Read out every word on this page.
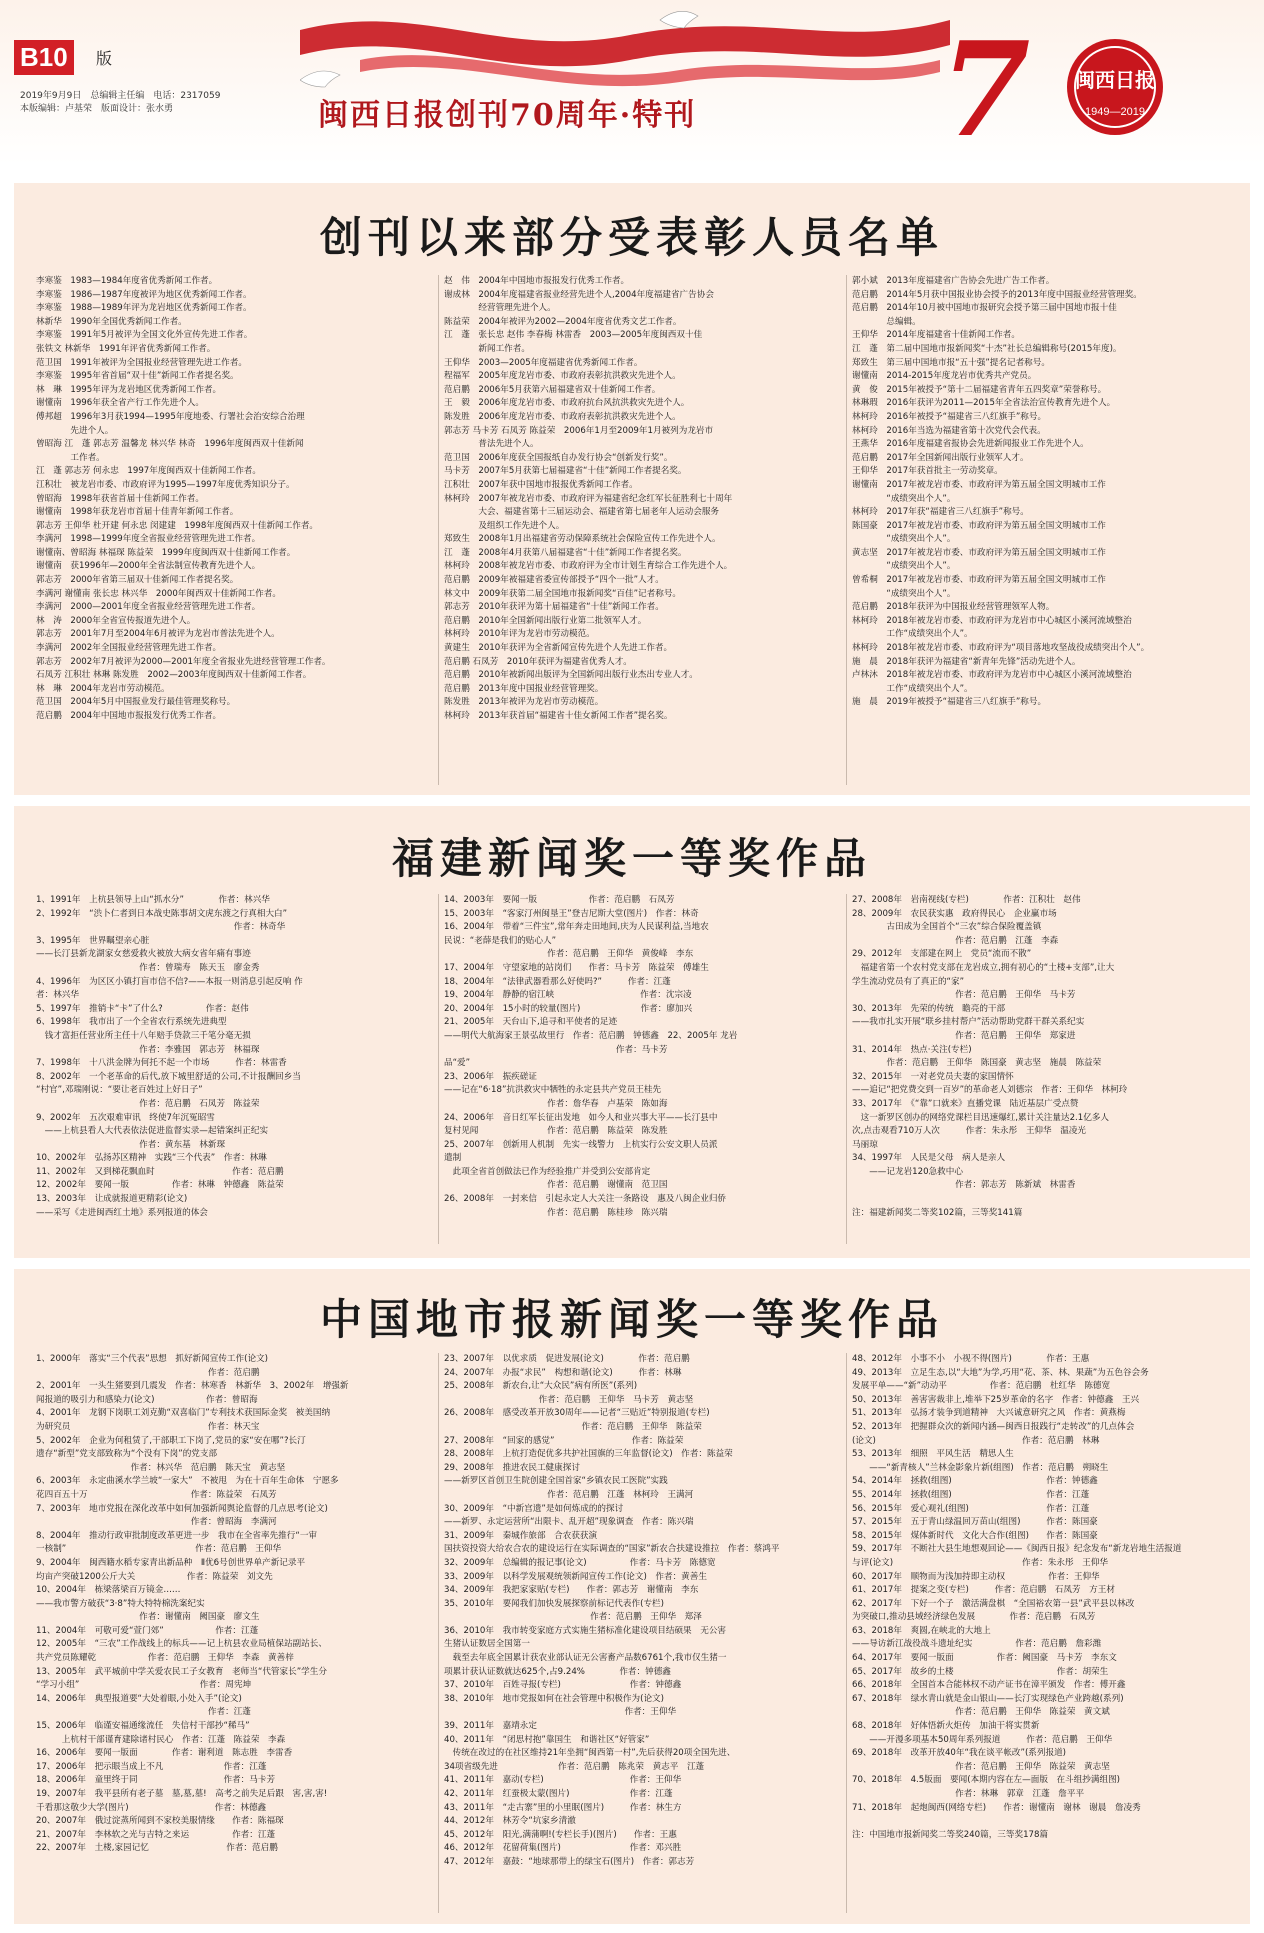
B10	版
2019年9月9日　总编辑主任编　电话：2317059
本版编辑：卢基荣　版面设计：张水勇	闽西日报创刊70周年·特刊 7 闽西日报
1949—2019
创刊以来部分受表彰人员名单
李寒鉴　1983—1984年度省优秀新闻工作者。
李寒鉴　1986—1987年度被评为地区优秀新闻工作者。
李寒鉴　1988—1989年评为龙岩地区优秀新闻工作者。
林新华　1990年全国优秀新闻工作者。
李寒鉴　1991年5月被评为全国文化外宣传先进工作者。
张铁文 林新华　1991年评省优秀新闻工作者。
范卫国　1991年被评为全国报业经营管理先进工作者。
李寒鉴　1995年省首届“双十佳”新闻工作者提名奖。
林　琳　1995年评为龙岩地区优秀新闻工作者。
谢懂南　1996年获全省产行工作先进个人。
傅邦超　1996年3月获1994—1995年度地委、行署社会治安综合治理
　　　　先进个人。
曾昭海 江　蓬 郭志芳 温馨龙 林兴华 林奇　1996年度闽西双十佳新闻
　　　　工作者。
江　蓬 郭志芳 何永忠　1997年度闽西双十佳新闻工作者。
江积壮　被龙岩市委、市政府评为1995—1997年度优秀知识分子。
曾昭海　1998年获省首届十佳新闻工作者。
谢懂南　1998年获龙岩市首届十佳青年新闻工作者。
郭志芳 王仰华 杜开建 何永忠 闵建建　1998年度闽西双十佳新闻工作者。
李满河　1998—1999年度全省报业经营管理先进工作者。
谢懂南、曾昭海 林福琛 陈益荣　1999年度闽西双十佳新闻工作者。
谢懂南　获1996年—2000年全省法制宣传教育先进个人。
郭志芳　2000年省第三届双十佳新闻工作者提名奖。
李满河 谢懂南 张长忠 林兴华　2000年闽西双十佳新闻工作者。
李满河　2000—2001年度全省报业经营管理先进工作者。
林　涛　2000年全省宣传报道先进个人。
郭志芳　2001年7月至2004年6月被评为龙岩市普法先进个人。
李满河　2002年全国报业经营管理先进工作者。
郭志芳　2002年7月被评为2000—2001年度全省报业先进经营管理工作者。
石凤芳 江积壮 林琳 陈发胜　2002—2003年度闽西双十佳新闻工作者。
林　琳　2004年龙岩市劳动模范。
范卫国　2004年5月中国报业发行最佳管理奖称号。
范启鹏　2004年中国地市报报发行优秀工作者。
赵　伟　2004年中国地市报报发行优秀工作者。
谢成林　2004年度福建省报业经营先进个人,2004年度福建省广告协会
　　　　经营管理先进个人。
陈益荣　2004年被评为2002—2004年度省优秀文艺工作者。
江　蓬　张长忠 赵伟 李春梅 林雷香　2003—2005年度闽西双十佳
　　　　新闻工作者。
王仰华　2003—2005年度福建省优秀新闻工作者。
程福军　2005年度龙岩市委、市政府表彰抗洪救灾先进个人。
范启鹏　2006年5月获第六届福建省双十佳新闻工作者。
王　毅　2006年度龙岩市委、市政府抗台风抗洪救灾先进个人。
陈发胜　2006年度龙岩市委、市政府表彰抗洪救灾先进个人。
郭志芳 马卡芳 石凤芳 陈益荣　2006年1月至2009年1月被列为龙岩市
　　　　普法先进个人。
范卫国　2006年度获全国报纸自办发行协会“创新发行奖”。
马卡芳　2007年5月获第七届福建省“十佳”新闻工作者提名奖。
江积壮　2007年获中国地市报报优秀新闻工作者。
林柯玲　2007年被龙岩市委、市政府评为福建省纪念红军长征胜利七十周年
　　　　大会、福建省第十三届运动会、福建省第七届老年人运动会服务
　　　　及组织工作先进个人。
郑致生　2008年1月出福建省劳动保障系统社会保险宣传工作先进个人。
江　蓬　2008年4月获第八届福建省“十佳”新闻工作者提名奖。
林柯玲　2008年被龙岩市委、市政府评为全市计划生育综合工作先进个人。
范启鹏　2009年被福建省委宣传部授予“四个一批”人才。
林文中　2009年获第二届全国地市报新闻奖“百佳”记者称号。
郭志芳　2010年获评为第十届福建省“十佳”新闻工作者。
范启鹏　2010年全国新闻出版行业第二批领军人才。
林柯玲　2010年评为龙岩市劳动模范。
黄建生　2010年获评为全省新闻宣传先进个人先进工作者。
范启鹏 石凤芳　2010年获评为福建省优秀人才。
范启鹏　2010年被新闻出版评为全国新闻出版行业杰出专业人才。
范启鹏　2013年度中国报业经营管理奖。
陈发胜　2013年被评为龙岩市劳动模范。
林柯玲　2013年获首届“福建省十佳女新闻工作者”提名奖。
郭小斌　2013年度福建省广告协会先进广告工作者。
范启鹏　2014年5月获中国报业协会授予的2013年度中国报业经营管理奖。
范启鹏　2014年10月被中国地市报研究会授予第三届中国地市报十佳
　　　　总编辑。
王仰华　2014年度福建省十佳新闻工作者。
江　蓬　第二届中国地市报新闻奖“十杰”社长总编辑称号(2015年度)。
郑致生　第三届中国地市报“五十强”提名记者称号。
谢懂南　2014-2015年度龙岩市优秀共产党员。
黄　俊　2015年被授予“第十二届福建省青年五四奖章”荣誉称号。
林琳瑕　2016年获评为2011—2015年全省法治宣传教育先进个人。
林柯玲　2016年被授予“福建省三八红旗手”称号。
林柯玲　2016年当选为福建省第十次党代会代表。
王燕华　2016年度福建省报协会先进新闻报业工作先进个人。
范启鹏　2017年全国新闻出版行业领军人才。
王仰华　2017年获首批主一劳动奖章。
谢懂南　2017年被龙岩市委、市政府评为第五届全国文明城市工作
　　　　“成绩突出个人”。
林柯玲　2017年获“福建省三八红旗手”称号。
陈国豪　2017年被龙岩市委、市政府评为第五届全国文明城市工作
　　　　“成绩突出个人”。
黄志坚　2017年被龙岩市委、市政府评为第五届全国文明城市工作
　　　　“成绩突出个人”。
曾希桐　2017年被龙岩市委、市政府评为第五届全国文明城市工作
　　　　“成绩突出个人”。
范启鹏　2018年获评为中国报业经营管理领军人物。
林柯玲　2018年被龙岩市委、市政府评为龙岩市中心城区小溪河流域整治
　　　　工作“成绩突出个人”。
林柯玲　2018年被龙岩市委、市政府评为“项目落地攻坚战役成绩突出个人”。
施　晨　2018年获评为福建省“新青年先锋”活动先进个人。
卢林沐　2018年被龙岩市委、市政府评为龙岩市中心城区小溪河流域整治
　　　　工作“成绩突出个人”。
施　晨　2019年被授予“福建省三八红旗手”称号。
福建新闻奖一等奖作品
1、1991年　上杭县领导上山“抓水分”　　　　作者：林兴华
2、1992年　“渋卜仁者到日本战史陈事胡文虎东渡之行真相大白”
　　　　　　　　　　　　　　　　　　　　　　　作者：林奇华
3、1995年　世界瞩望亲心脏
——长汀县新龙湖家女慈爱救火被放大病女省年痛有事迹
　　　　　　　　　　　　作者：曾瑞寿　陈天玉　廖金秀
4、1996年　为区区小镇打盲市信不信?——本报一则消息引起反响 作
者：林兴华
5、1997年　推销卡“卡”了什么?　　　　　作者：赵伟
6、1998年　我市出了一个全省农行系统先进典型
　钱才富拒任营业所主任十八年赔手贷款三千笔分毫无损
　　　　　　　　　　　　作者：李雅国　郭志芳　林福琛
7、1998年　十八洪金牌为何托不起一个市场　　　作者：林雷香
8、2002年　一个老革命的后代,放下城里舒适的公司,不计报酬回乡当
“村官”,邓瑞刚说：“要让老百姓过上好日子”
　　　　　　　　　　　　作者：范启鹏　石凤芳　陈益荣
9、2002年　五次艰难审讯　终使7年沉冤昭雪
　——上杭县看人大代表依法促进监督实录—起错案纠正纪实
　　　　　　　　　　　　作者：黄东基　林新琛
10、2002年　弘扬苏区精神　实践“三个代表”　作者：林琳
11、2002年　又到梯花飘血时　　　　　　　　　作者：范启鹏
12、2002年　要闻一版　　　　　作者：林琳　钟德鑫　陈益荣
13、2003年　让成就报道更精彩(论文)
——采写《走进闽西红土地》系列报道的体会
14、2003年　要闻一版　　　　　　作者：范启鹏　石凤芳
15、2003年　“客家汀州闽垦王”登吉尼斯大堂(图片)　作者：林奇
16、2004年　带着“三件宝”,常年奔走田地间,庆为人民谋利益,当地农
民说：“老薛是我们的贴心人”
　　　　　　　　　　　　作者：范启鹏　王仰华　黄俊峰　李东
17、2004年　守望家地的站岗们　　作者：马卡芳　陈益荣　傅雄生
18、2004年　“法律武器看那么好使吗?”　　　作者：江蓬
19、2004年　静静的宿江峡　　　　　　　　　　作者：沈宗凌
20、2004年　15小时的较量(图片)　　　　　　　作者：廖加兴
21、2005年　天台山下,追寻和平使者的足迹
——明代大航海家王景弘故里行　作者：范启鹏　钟德鑫　22、2005年 龙岩
　　　　　　　　　　　　　　　　　　　　作者：马卡芳
品“爱”
23、2006年　振疾磋证
——记在“6·18”抗洪救灾中牺牲的永定县共产党员王桂先
　　　　　　　　　　　　作者：詹华春　卢基荣　陈如海
24、2006年　音日红军长征出发地　如今人和业兴事大平——长汀县中
复村见闻　　　　　　　　作者：范启鹏　陈益荣　陈发胜
25、2007年　创新用人机制　先实一线警力　上杭实行公安文职人员派
遣制
　此项全省首创做法已作为经验推广并受到公安部肯定
　　　　　　　　　　　　作者：范启鹏　谢懂南　范卫国
26、2008年　一封来信　引起永定人大关注一条路设　惠及八闽企业归侨
　　　　　　　　　　　　作者：范启鹏　陈桂珍　陈兴瑞
27、2008年　岩南视线(专栏)　　　　作者：江积壮　赵伟
28、2009年　农民获实惠　政府得民心　企业赢市场
　　　　古田成为全国首个“三农”综合保险覆盖镇
　　　　　　　　　　　　作者：范启鹏　江蓬　李森
29、2012年　支部建在网上　党员“流而不散”
　福建省第一个农村党支部在龙岩成立,拥有初心的“土楼+支部”,让大
学生流动党员有了真正的“家”
　　　　　　　　　　　　作者：范启鹏　王仰华　马卡芳
30、2013年　先荣的传统　瞻亮的干部
——我市扎实开展“联乡挂村帮户”活动帮助党群干群关系纪实
　　　　　　　　　　　　作者：范启鹏　王仰华　郑家进
31、2014年　热点·关注(专栏)
　　　　作者：范启鹏　王仰华　陈国豪　黄志坚　施晨　陈益荣
32、2015年　一对老党员夫妻的家国情怀
——追记“把党费交到一百岁”的革命老人刘德宗　作者：王仰华　林柯玲
33、2017年　《“靠”口就来》直播党课　陆近基层广受点赞
　这一新罗区创办的网络党课栏目迅速爆红,累计关注量达2.1亿多人
次,点击观看710万人次　　　作者：朱永彤　王仰华　温凌光
马丽琼
34、1997年　人民是父母　病人是亲人
　　——记龙岩120急救中心
　　　　　　　　　　　　作者：郭志芳　陈新斌　林雷香

注：福建新闻奖二等奖102篇，三等奖141篇
中国地市报新闻奖一等奖作品
1、2000年　落实“三个代表”思想　抓好新闻宣传工作(论文)
　　　　　　　　　　　　　　　　　　　　作者：范启鹏
2、2001年　一头生猪要到几震发　作者：林寒香　林新华　3、2002年　增强新
闻报道的吸引力和感染力(论文)　　　　　　作者：曾昭海
4、2001年　龙钢下岗职工刘克勤“双喜临门”专利技术获国际金奖　被美国纳
为研究员　　　　　　　　　　　　　　　　作者：林天宝
5、2002年　企业为何租赁了,干部职工下岗了,党员的家“安在哪”?长汀
遗存“新型”党支部致称为“个没有下岗”的党支部
　　　　　　　　　　　作者：林兴华　范启鹏　陈天宝　黄志坚
6、2003年　永定曲溪水学兰坡“一家大”　不被甩　为在十百年生命体　宁愿多
花四百五十万　　　　　　　　　　　　作者：陈益荣　石凤芳
7、2003年　地市党报在深化改革中如何加强新闻舆论监督的几点思考(论文)
　　　　　　　　　　　　　　　　　　作者：曾昭海　李满河
8、2004年　推动行政审批制度改革更进一步　我市在全省率先推行“一审
一核制”　　　　　　　　　　　　　　　作者：范启鹏　王仰华
9、2004年　闽西籍水稻专家青出新品种　Ⅱ优6号创世界单产新记录平
均亩产突破1200公斤大关　　　　　　作者：陈益荣　刘文先
10、2004年　栋梁落梁百万镜金……
——我市警方破获“3·8”特大特特棉洗案纪实
　　　　　　　　　　　　作者：谢懂南　阙国豪　廖文生
11、2004年　可敬可爱“萱门郊”　　　　　　作者：江蓬
12、2005年　“三农”工作战线上的标兵——记上杭县农业局植保站副站长、
共产党员陈耀乾　　　　　　作者：范启鹏　王仰华　李森　黄善梓
13、2005年　武平城前中学关爱农民工子女教育　老师当“代管家长”学生分
“学习小组”　　　　　　　　　　　　　　作者：周宪坤
14、2006年　典型报道要“大处着眼,小处入手”(论文)
　　　　　　　　　　　　　　　　　　　　作者：江蓬
15、2006年　临谨安福通缘流任　失信村干部抄“稀马”
　　　上杭村干部谨育建除诸村民心　作者：江蓬　陈益荣　李森
16、2006年　要闻一版面　　　　作者：谢利道　陈志胜　李雷香
17、2006年　把示眼当成上不凡　　　　　　　作者：江蓬
18、2006年　童里终于同　　　　　　　　　　作者：马卡芳
19、2007年　我平县所有老子墓　墓,墓,墓!　高考之前失足后跟　害,害,害!
千看那这敬少大学(图片)　　　　　　　　　　作者：林德鑫
20、2007年　俄过淀蒸所闻到不家校美服情缘　　作者：陈福琛
21、2007年　李林软之光与吉特之来运　　　　　作者：江蓬
22、2007年　土楼,家园记忆　　　　　　　　　作者：范启鹏
23、2007年　以优求质　促进发展(论文)　　　　作者：范启鹏
24、2007年　办报“求民”　构想和谐(论文)　　　作者：林琳
25、2008年　新农台,让“大众民”病有所医”(系列)
　　　　　　　　　　　作者：范启鹏　王仰华　马卡芳　黄志坚
26、2008年　感受改革开放30周年——记者“三贴近”特别报道(专栏)
　　　　　　　　　　　　　　　　作者：范启鹏　王仰华　陈益荣
27、2008年　“回家的感觉”　　　　　　　　　作者：陈益荣
28、2008年　上杭打造促优多共护社国旗的三年监督(论文)　作者：陈益荣
29、2008年　推进农民工健康探讨
——新罗区首创卫生院创建全国首家“乡镇农民工医院”实践
　　　　　　　　　　　　作者：范启鹏　江蓬　林柯玲　王满河
30、2009年　“中新宫遗”是如何炼成的的探讨
——新罗、永定运营所“出限卡、乱开超”现象调查　作者：陈兴瑞
31、2009年　秦城作旅部　合农获获演
国扶资投资大给农合农的建设运行在实际调查的“国家”新农合扶建设推拉　作者：蔡鸿平
32、2009年　总编辑的报记事(论文)　　　　　作者：马卡芳　陈德宽
33、2009年　以科学发展观统领新闻宣传工作(论文)　作者：黄善生
34、2009年　我把家家贴(专栏)　　作者：郭志芳　谢懂南　李东
35、2010年　要闻我们加快发展探察前标记代表作(专栏)
　　　　　　　　　　　　　　　　　作者：范启鹏　王仰华　郑泽
36、2010年　我市转变家庭方式实施生猪标准化建设项目结硕果　无公害
生猪认证数居全国第一
　载至去年底全国累计获农业部认证无公害畜产品数6761个,我市仅生猪一
项累计获认证数就达625个,占9.24%　　　　作者：钟德鑫
37、2010年　百姓寻报(专栏)　　　　　　　　作者：钟德鑫
38、2010年　地市党报如何在社会管理中积极作为(论文)
　　　　　　　　　　　　　　　　　　　　　作者：王仰华
39、2011年　嘉靖永定
40、2011年　“闭思村抱”靠国生　和谐社区“好管家”
　传统在改过的在社区维持21年坐拥“闽西第一村”,先后获得20项全国先进、
34项省级先进　　　　　　　作者：范启鹏　陈兆荣　黄志平　江蓬
41、2011年　嘉动(专栏)　　　　　　　　　　作者：王仰华
42、2011年　红蚕极太蒙(图片)　　　　　　　作者：江蓬
43、2011年　“走古寨”里的小里眠(图片)　　　作者：林生方
44、2012年　林芳令“坑家乡清澈
45、2012年　阳光,满蒲啊!(专栏长手)(图片)　　作者：王惠
46、2012年　花留荷集(图片)　　　　　　　　作者：邓兴胜
47、2012年　嘉鼓：“地球那带上的绿宝石(图片)　作者：郭志芳
48、2012年　小事不小　小视不得(图片)　　　　作者：王惠
49、2013年　立足生态,以“大地”为学,巧用“花、茶、林、果蔬”为五色谷会务
发展平单——“新”动动平　　　　　作者：范启鹏　杜红华　陈德宽
50、2013年　善害害裁非上,堆举下25岁革命的名字　作者：钟德鑫　王兴
51、2013年　弘扬才装争到道精神　大兴诚意研究之风　作者：黄燕梅
52、2013年　把握群众次的新闻内涵—闽西日报践行“走转改”的几点体会
(论文)　　　　　　　　　　　　　　　　　作者：范启鹏　林琳
53、2013年　细照　平风生活　精思人生
　　——“新青核人”兰林金影象片新(组图)　作者：范启鹏　朔晓生
54、2014年　拯救(组图)　　　　　　　　　　　作者：钟德鑫
55、2014年　拯救(组图)　　　　　　　　　　　作者：江蓬
56、2015年　爱心观礼(组图)　　　　　　　　　作者：江蓬
57、2015年　五于青山绿温回万苗山(组图)　　　作者：陈国豪
58、2015年　煤体新时代　文化大合作(组图)　　作者：陈国豪
59、2017年　不断社大县生地想观回论——《闽西日报》纪念发布“新龙岩地生活报道
与评(论文)　　　　　　　　　　　　　　　作者：朱永彤　王仰华
60、2017年　顺物而为浅加持即主动权　　　　　作者：王仰华
61、2017年　提案之变(专栏)　　　作者：范启鹏　石凤芳　方王材
62、2017年　下好一个子　激活满盘棋　“全国裕农第一县”武平县以林改
为突破口,推动县域经济绿色发展　　　　作者：范启鹏　石凤芳
63、2018年　爽圆,在峡北的大地上
——导访新江战役战斗遗址纪实　　　　　作者：范启鹏　詹彩潍
64、2017年　要闻一版面　　　　　作者：阙国豪　马卡芳　李东文
65、2017年　故乡的土楼　　　　　　　　　　　　作者：胡荣生
66、2018年　全国首本合能林权不动产证书在漳平颁发　作者：傅开鑫
67、2018年　绿水青山就是金山银山——长汀实现绿色产业跨越(系列)
　　　　　　　　　　　　作者：范启鹏　王仰华　陈益荣　黄文斌
68、2018年　好体悟新火炬传　加油干将实贯新
　　——开漫多项基本50周年系列报道　　　作者：范启鹏　王仰华
69、2018年　改革开放40年“我在谈平帐改”(系列报道)
　　　　　　　　　　　　作者：范启鹏　王仰华　陈益荣　黄志坚
70、2018年　4.5版面　要闻(本期内容在左—面版　在斗组抄满组图)
　　　　　　　　　　　　作者：林琳　郭章　江蓬　詹平平
71、2018年　起炮闽西(网络专栏)　　作者：谢懂南　谢林　谢晨　詹凌秀

注：中国地市报新闻奖二等奖240篇，三等奖178篇
